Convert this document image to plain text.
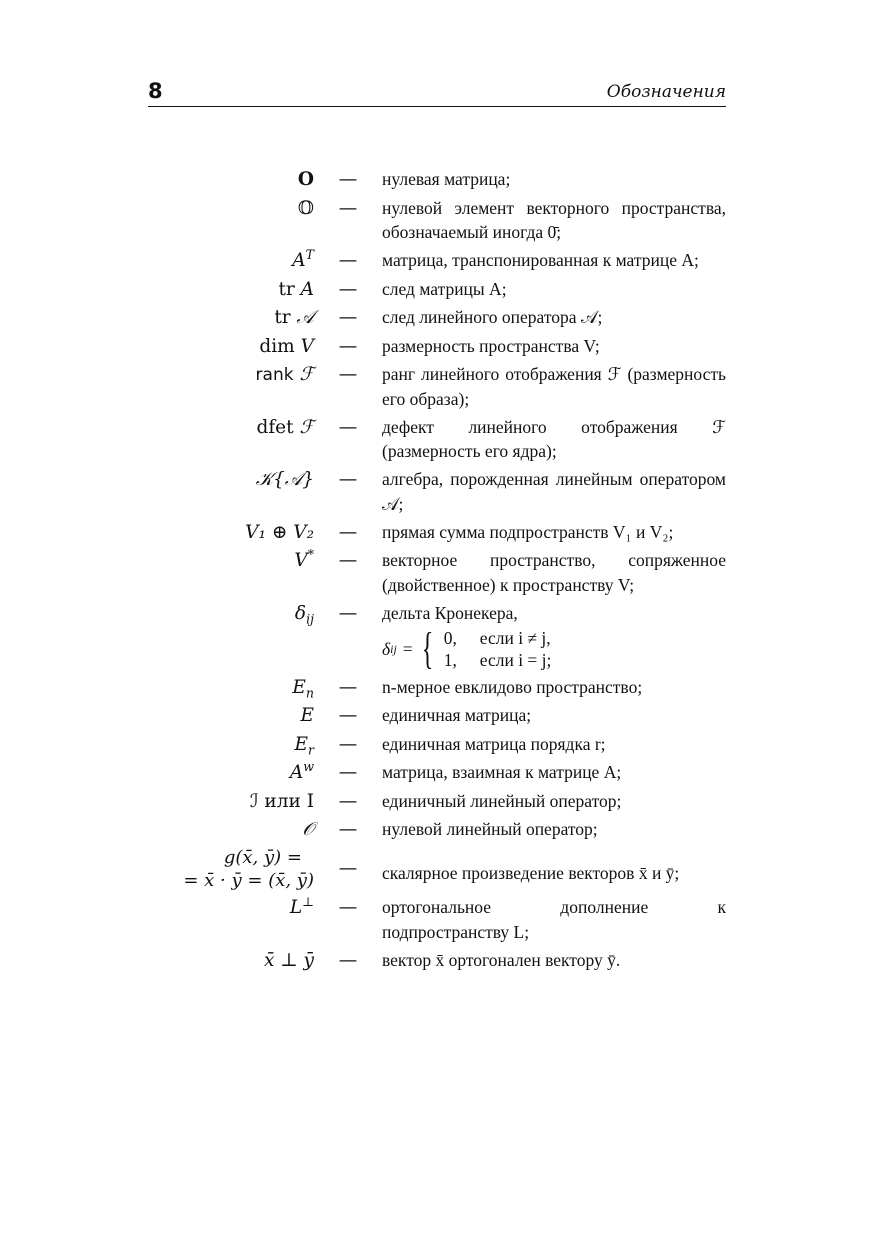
8	Обозначения
O	—	нулевая матрица;
𝕆	—	нулевой элемент векторного пространства, обозначаемый иногда 0̄;
$A^T$	—	матрица, транспонированная к матрице A;
tr A	—	след матрицы A;
tr 𝒜	—	след линейного оператора 𝒜;
dim V	—	размерность пространства V;
rank ℱ	—	ранг линейного отображения ℱ (размерность его образа);
dfet ℱ	—	дефект линейного отображения ℱ (размерность его ядра);
𝒦{𝒜}	—	алгебра, порожденная линейным оператором 𝒜;
V₁ ⊕ V₂	—	прямая сумма подпространств V₁ и V₂;
V*	—	векторное пространство, сопряженное (двойственное) к пространству V;
$\delta_{ij}$	—	дельта Кронекера,
δ ij = { 0, если i ≠ j,
1, если i = j;
$E_n$	—	n-мерное евклидово пространство;
E	—	единичная матрица;
$E_r$	—	единичная матрица порядка r;
$A^w$	—	матрица, взаимная к матрице A;
ℐ или I	—	единичный линейный оператор;
𝒪	—	нулевой линейный оператор;
g(x̄, ȳ) =
= x̄ · ȳ = (x̄, ȳ)
—	скалярное произведение векторов x̄ и ȳ;
L⊥	—	ортогональное дополнение к подпространству L;
x̄ ⊥ ȳ	—	вектор x̄ ортогонален вектору ȳ.
